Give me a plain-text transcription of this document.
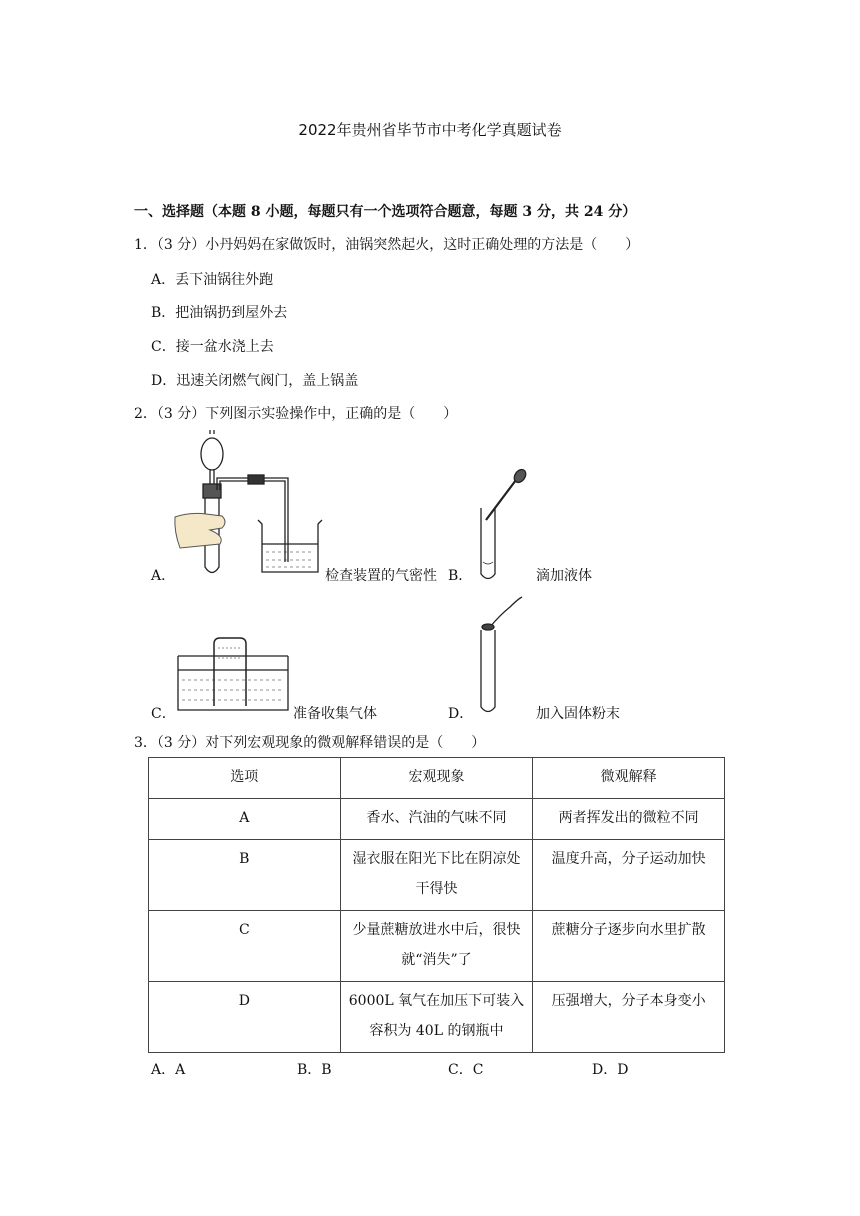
2022年贵州省毕节市中考化学真题试卷
一、选择题（本题 8 小题，每题只有一个选项符合题意，每题 3 分，共 24 分）
1．（3 分）小丹妈妈在家做饭时，油锅突然起火，这时正确处理的方法是（　　）
A．丢下油锅往外跑
B．把油锅扔到屋外去
C．接一盆水浇上去
D．迅速关闭燃气阀门，盖上锅盖
2．（3 分）下列图示实验操作中，正确的是（　　）
A．	检查装置的气密性 B．	滴加液体
C．	准备收集气体	D．	加入固体粉末
3．（3 分）对下列宏观现象的微观解释错误的是（　　）
选项	宏观现象	微观解释
A	香水、汽油的气味不同	两者挥发出的微粒不同
B	湿衣服在阳光下比在阴凉处干得快	温度升高，分子运动加快
C	少量蔗糖放进水中后，很快就“消失”了	蔗糖分子逐步向水里扩散
D	6000L 氧气在加压下可装入容积为 40L 的钢瓶中	压强增大，分子本身变小
A．A	B．B	C．C	D．D
